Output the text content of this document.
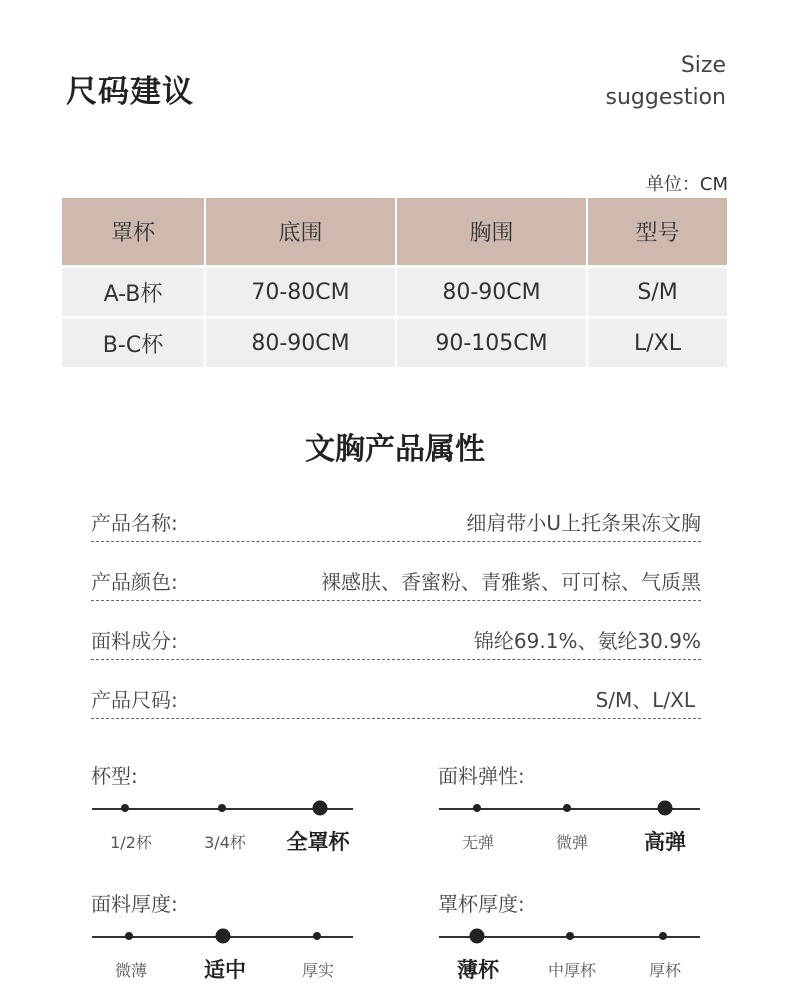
尺码建议
Size
suggestion
单位：CM
罩杯	底围	胸围	型号
A-B杯	70-80CM	80-90CM	S/M
B-C杯	80-90CM	90-105CM	L/XL
文胸产品属性
产品名称:	细肩带小U上托条果冻文胸
产品颜色:	裸感肤、香蜜粉、青雅紫、可可棕、气质黑
面料成分:	锦纶69.1%、氨纶30.9%
产品尺码:	S/M、L/XL
杯型:
1/2杯	3/4杯 全罩杯
面料弹性:
无弹	微弹	高弹
面料厚度:
微薄	适中	厚实
罩杯厚度:
薄杯	中厚杯	厚杯
